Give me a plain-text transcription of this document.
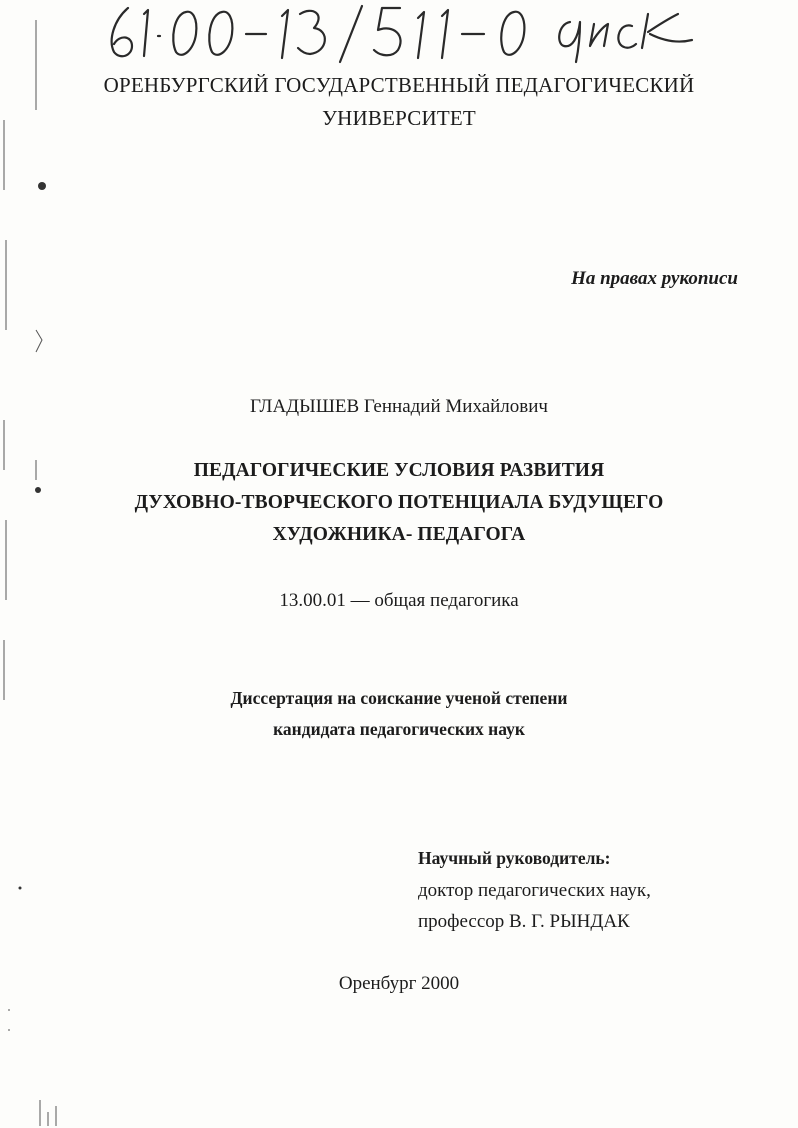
ОРЕНБУРГСКИЙ ГОСУДАРСТВЕННЫЙ ПЕДАГОГИЧЕСКИЙ
УНИВЕРСИТЕТ
На правах рукописи
ГЛАДЫШЕВ Геннадий Михайлович
ПЕДАГОГИЧЕСКИЕ УСЛОВИЯ РАЗВИТИЯ
ДУХОВНО-ТВОРЧЕСКОГО ПОТЕНЦИАЛА БУДУЩЕГО
ХУДОЖНИКА- ПЕДАГОГА
13.00.01 — общая педагогика
Диссертация на соискание ученой степени
кандидата педагогических наук
Научный руководитель:
доктор педагогических наук,
профессор В. Г. РЫНДАК
Оренбург 2000
